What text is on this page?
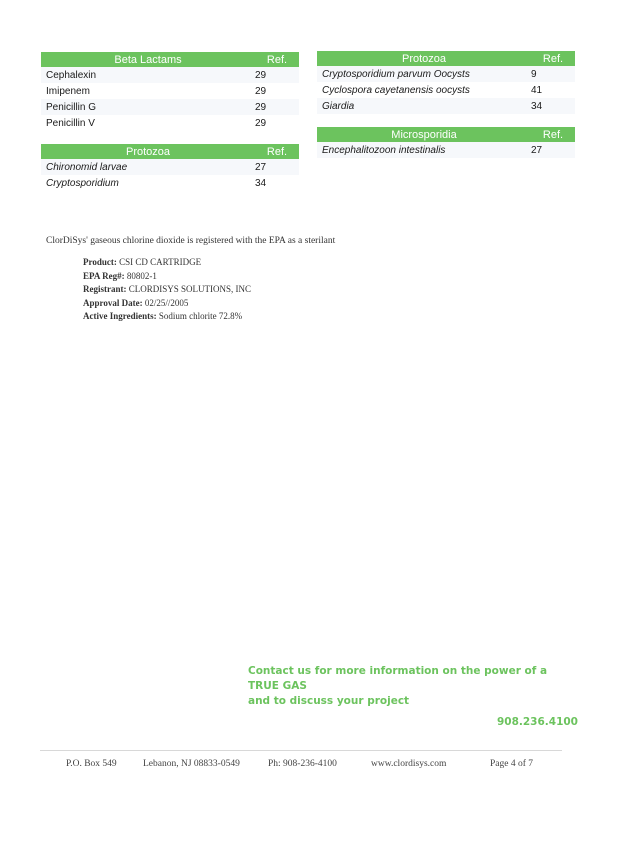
Beta Lactams	Ref.
Cephalexin	29
Imipenem	29
Penicillin G	29
Penicillin V	29
Protozoa	Ref.
Chironomid larvae	27
Cryptosporidium	34
Protozoa	Ref.
Cryptosporidium parvum Oocysts	9
Cyclospora cayetanensis oocysts	41
Giardia	34
Microsporidia	Ref.
Encephalitozoon intestinalis	27
ClorDiSys' gaseous chlorine dioxide is registered with the EPA as a sterilant
Product: CSI CD CARTRIDGE
EPA Reg#: 80802-1
Registrant: CLORDISYS SOLUTIONS, INC
Approval Date: 02/25//2005
Active Ingredients: Sodium chlorite 72.8%
Contact us for more information on the power of a TRUE GAS
and to discuss your project
908.236.4100
P.O. Box 549	Lebanon, NJ 08833-0549	Ph: 908-236-4100	www.clordisys.com	Page 4 of 7
